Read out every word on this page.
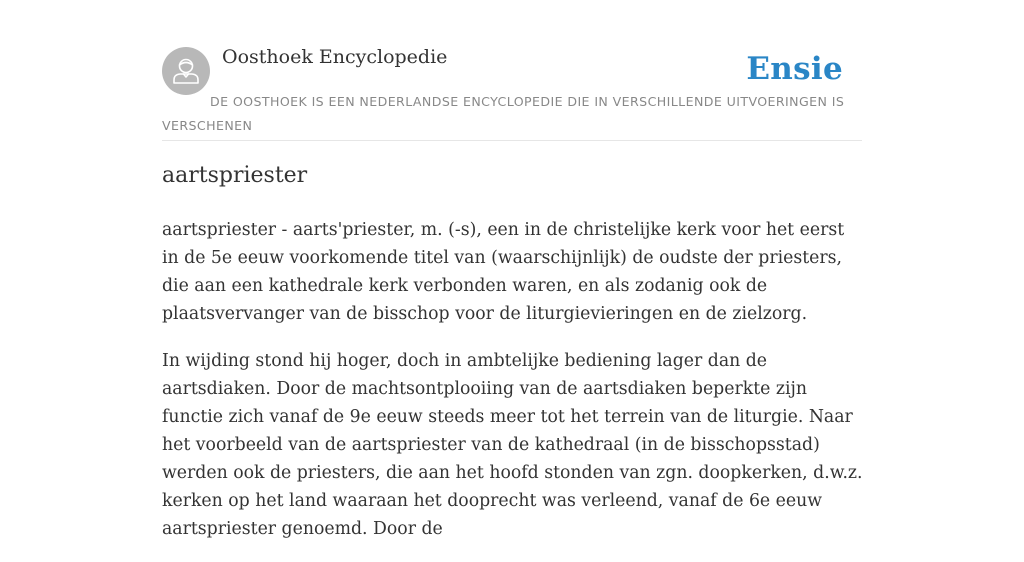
Oosthoek Encyclopedie	Ensie
DE OOSTHOEK IS EEN NEDERLANDSE ENCYCLOPEDIE DIE IN VERSCHILLENDE UITVOERINGEN IS VERSCHENEN
aartspriester

aartspriester - aarts'priester, m. (-s), een in de christelijke kerk voor het eerst in de 5e eeuw voorkomende titel van (waarschijnlijk) de oudste der priesters, die aan een kathedrale kerk verbonden waren, en als zodanig ook de plaatsvervanger van de bisschop voor de liturgievieringen en de zielzorg.

In wijding stond hij hoger, doch in ambtelijke bediening lager dan de aartsdiaken. Door de machtsontplooiing van de aartsdiaken beperkte zijn functie zich vanaf de 9e eeuw steeds meer tot het terrein van de liturgie. Naar het voorbeeld van de aartspriester van de kathedraal (in de bisschopsstad) werden ook de priesters, die aan het hoofd stonden van zgn. doopkerken, d.w.z. kerken op het land waaraan het dooprecht was verleend, vanaf de 6e eeuw aartspriester genoemd. Door de
